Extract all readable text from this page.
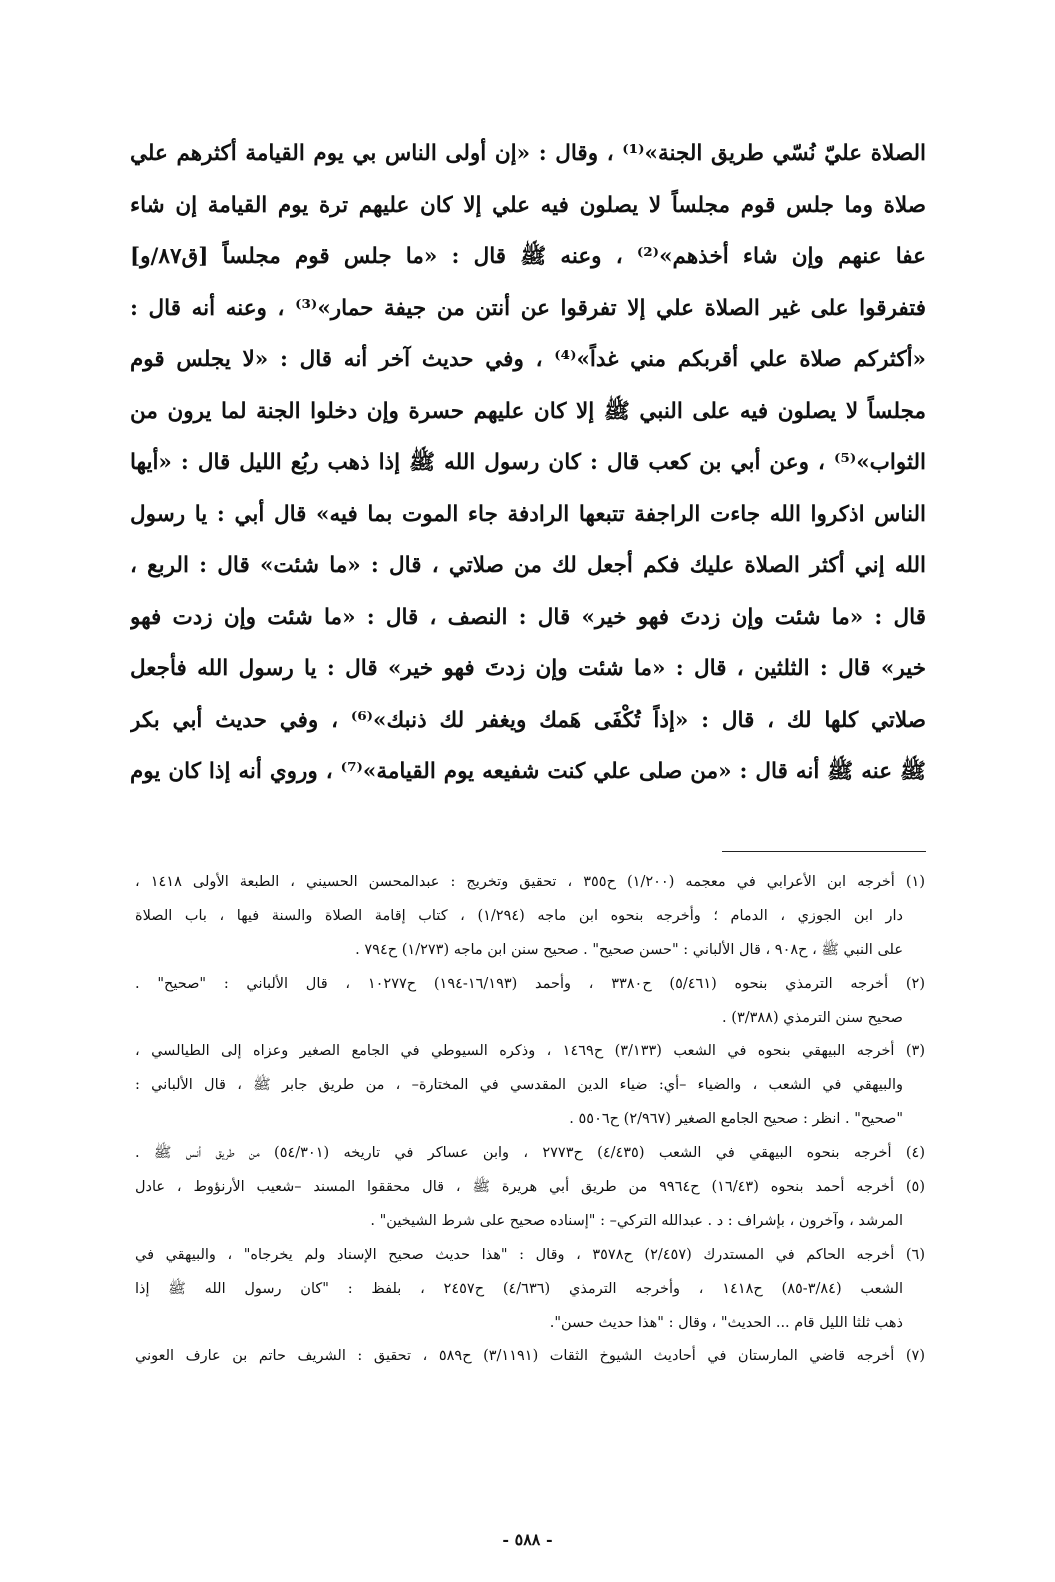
الصلاة عليّ نُسّي طريق الجنة»⁽¹⁾ ، وقال : «إن أولى الناس بي يوم القيامة أكثرهم علي
صلاة وما جلس قوم مجلساً لا يصلون فيه علي إلا كان عليهم ترة يوم القيامة إن شاء
عفا عنهم وإن شاء أخذهم»⁽²⁾ ، وعنه ﷺ قال : «ما جلس قوم مجلساً [ق٨٧/و]
فتفرقوا على غير الصلاة علي إلا تفرقوا عن أنتن من جيفة حمار»⁽³⁾ ، وعنه أنه قال :
«أكثركم صلاة علي أقربكم مني غداً»⁽⁴⁾ ، وفي حديث آخر أنه قال : «لا يجلس قوم
مجلساً لا يصلون فيه على النبي ﷺ إلا كان عليهم حسرة وإن دخلوا الجنة لما يرون من
الثواب»⁽⁵⁾ ، وعن أبي بن كعب قال : كان رسول الله ﷺ إذا ذهب ربُع الليل قال : «أيها
الناس اذكروا الله جاءت الراجفة تتبعها الرادفة جاء الموت بما فيه» قال أبي : يا رسول
الله إني أكثر الصلاة عليك فكم أجعل لك من صلاتي ، قال : «ما شئت» قال : الربع ،
قال : «ما شئت وإن زدتَ فهو خير» قال : النصف ، قال : «ما شئت وإن زدت فهو
خير» قال : الثلثين ، قال : «ما شئت وإن زدتَ فهو خير» قال : يا رسول الله فأجعل
صلاتي كلها لك ، قال : «إذاً تُكْفَى هَمك ويغفر لك ذنبك»⁽⁶⁾ ، وفي حديث أبي بكر
ﷺ عنه ﷺ أنه قال : «من صلى علي كنت شفيعه يوم القيامة»⁽⁷⁾ ، وروي أنه إذا كان يوم
(١) أخرجه ابن الأعرابي في معجمه (١/٢٠٠) ح٣٥٥ ، تحقيق وتخريج : عبدالمحسن الحسيني ، الطبعة الأولى ١٤١٨ ،
دار ابن الجوزي ، الدمام ؛ وأخرجه بنحوه ابن ماجه (١/٢٩٤) ، كتاب إقامة الصلاة والسنة فيها ، باب الصلاة
على النبي ﷺ ، ح٩٠٨ ، قال الألباني : "حسن صحيح" . صحيح سنن ابن ماجه (١/٢٧٣) ح٧٩٤ .
(٢) أخرجه الترمذي بنحوه (٥/٤٦١) ح٣٣٨٠ ، وأحمد (١٦/١٩٣-١٩٤) ح١٠٢٧٧ ، قال الألباني : "صحيح" .
صحيح سنن الترمذي (٣/٣٨٨) .
(٣) أخرجه البيهقي بنحوه في الشعب (٣/١٣٣) ح١٤٦٩ ، وذكره السيوطي في الجامع الصغير وعزاه إلى الطيالسي ،
والبيهقي في الشعب ، والضياء –أي: ضياء الدين المقدسي في المختارة– ، من طريق جابر ﷺ ، قال الألباني :
"صحيح" . انظر : صحيح الجامع الصغير (٢/٩٦٧) ح٥٥٠٦ .
(٤) أخرجه بنحوه البيهقي في الشعب (٤/٤٣٥) ح٢٧٧٣ ، وابن عساكر في تاريخه (٥٤/٣٠١) من طريق أنس ﷺ .
(٥) أخرجه أحمد بنحوه (١٦/٤٣) ح٩٩٦٤ من طريق أبي هريرة ﷺ ، قال محققوا المسند –شعيب الأرنؤوط ، عادل
المرشد ، وآخرون ، بإشراف : د . عبدالله التركي– : "إسناده صحيح على شرط الشيخين" .
(٦) أخرجه الحاكم في المستدرك (٢/٤٥٧) ح٣٥٧٨ ، وقال : "هذا حديث صحيح الإسناد ولم يخرجاه" ، والبيهقي في
الشعب (٣/٨٤-٨٥) ح١٤١٨ ، وأخرجه الترمذي (٤/٦٣٦) ح٢٤٥٧ ، بلفظ : "كان رسول الله ﷺ إذا
ذهب ثلثا الليل قام ... الحديث" ، وقال : "هذا حديث حسن".
(٧) أخرجه قاضي المارستان في أحاديث الشيوخ الثقات (٣/١١٩١) ح٥٨٩ ، تحقيق : الشريف حاتم بن عارف العوني
- ٥٨٨ -
